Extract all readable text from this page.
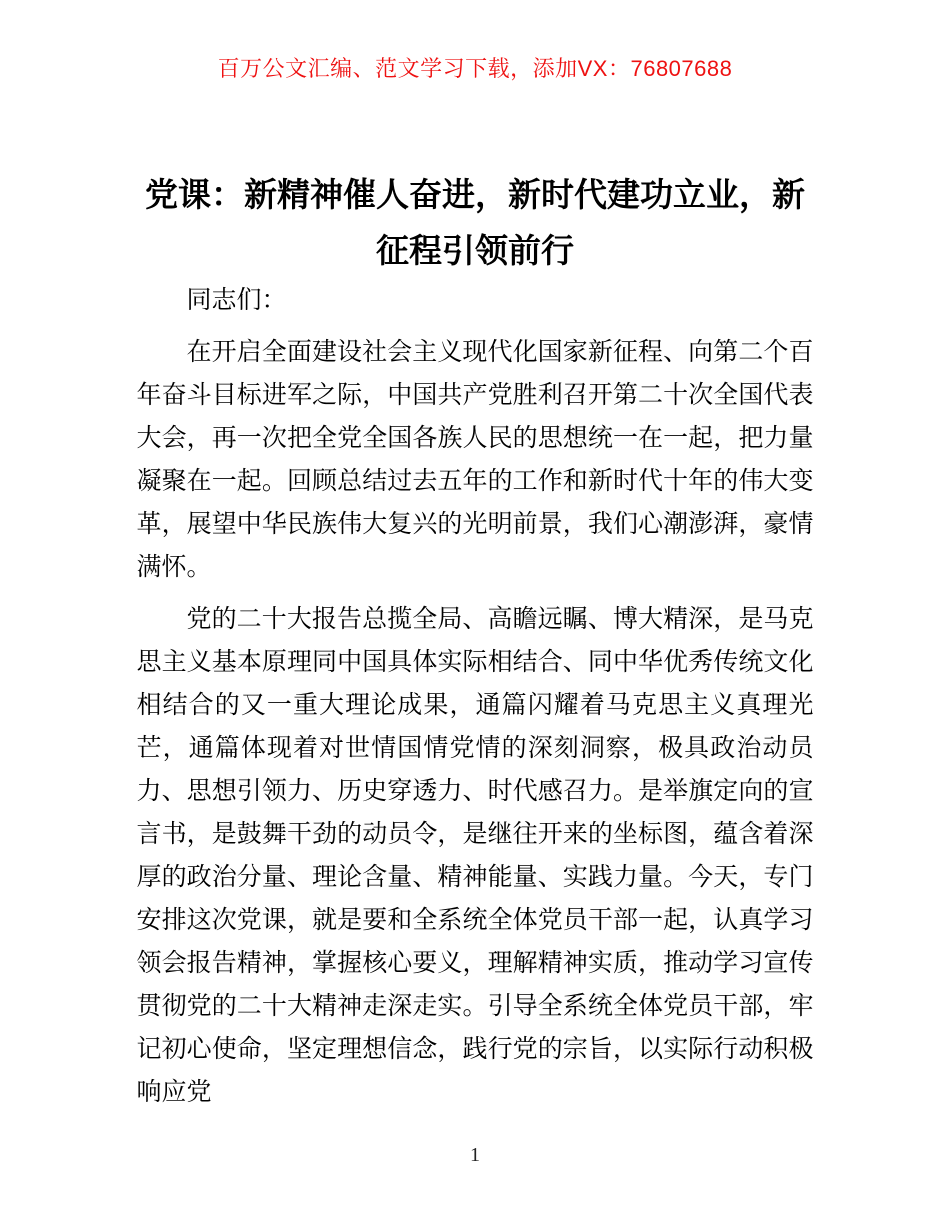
百万公文汇编、范文学习下载，添加VX：76807688
党课：新精神催人奋进，新时代建功立业，新
征程引领前行

同志们：

在开启全面建设社会主义现代化国家新征程、向第二个百年奋斗目标进军之际，中国共产党胜利召开第二十次全国代表大会，再一次把全党全国各族人民的思想统一在一起，把力量凝聚在一起。回顾总结过去五年的工作和新时代十年的伟大变革，展望中华民族伟大复兴的光明前景，我们心潮澎湃，豪情满怀。

党的二十大报告总揽全局、高瞻远瞩、博大精深，是马克思主义基本原理同中国具体实际相结合、同中华优秀传统文化相结合的又一重大理论成果，通篇闪耀着马克思主义真理光芒，通篇体现着对世情国情党情的深刻洞察，极具政治动员力、思想引领力、历史穿透力、时代感召力。是举旗定向的宣言书，是鼓舞干劲的动员令，是继往开来的坐标图，蕴含着深厚的政治分量、理论含量、精神能量、实践力量。今天，专门安排这次党课，就是要和全系统全体党员干部一起，认真学习领会报告精神，掌握核心要义，理解精神实质，推动学习宣传贯彻党的二十大精神走深走实。引导全系统全体党员干部，牢记初心使命，坚定理想信念，践行党的宗旨，以实际行动积极响应党

1
